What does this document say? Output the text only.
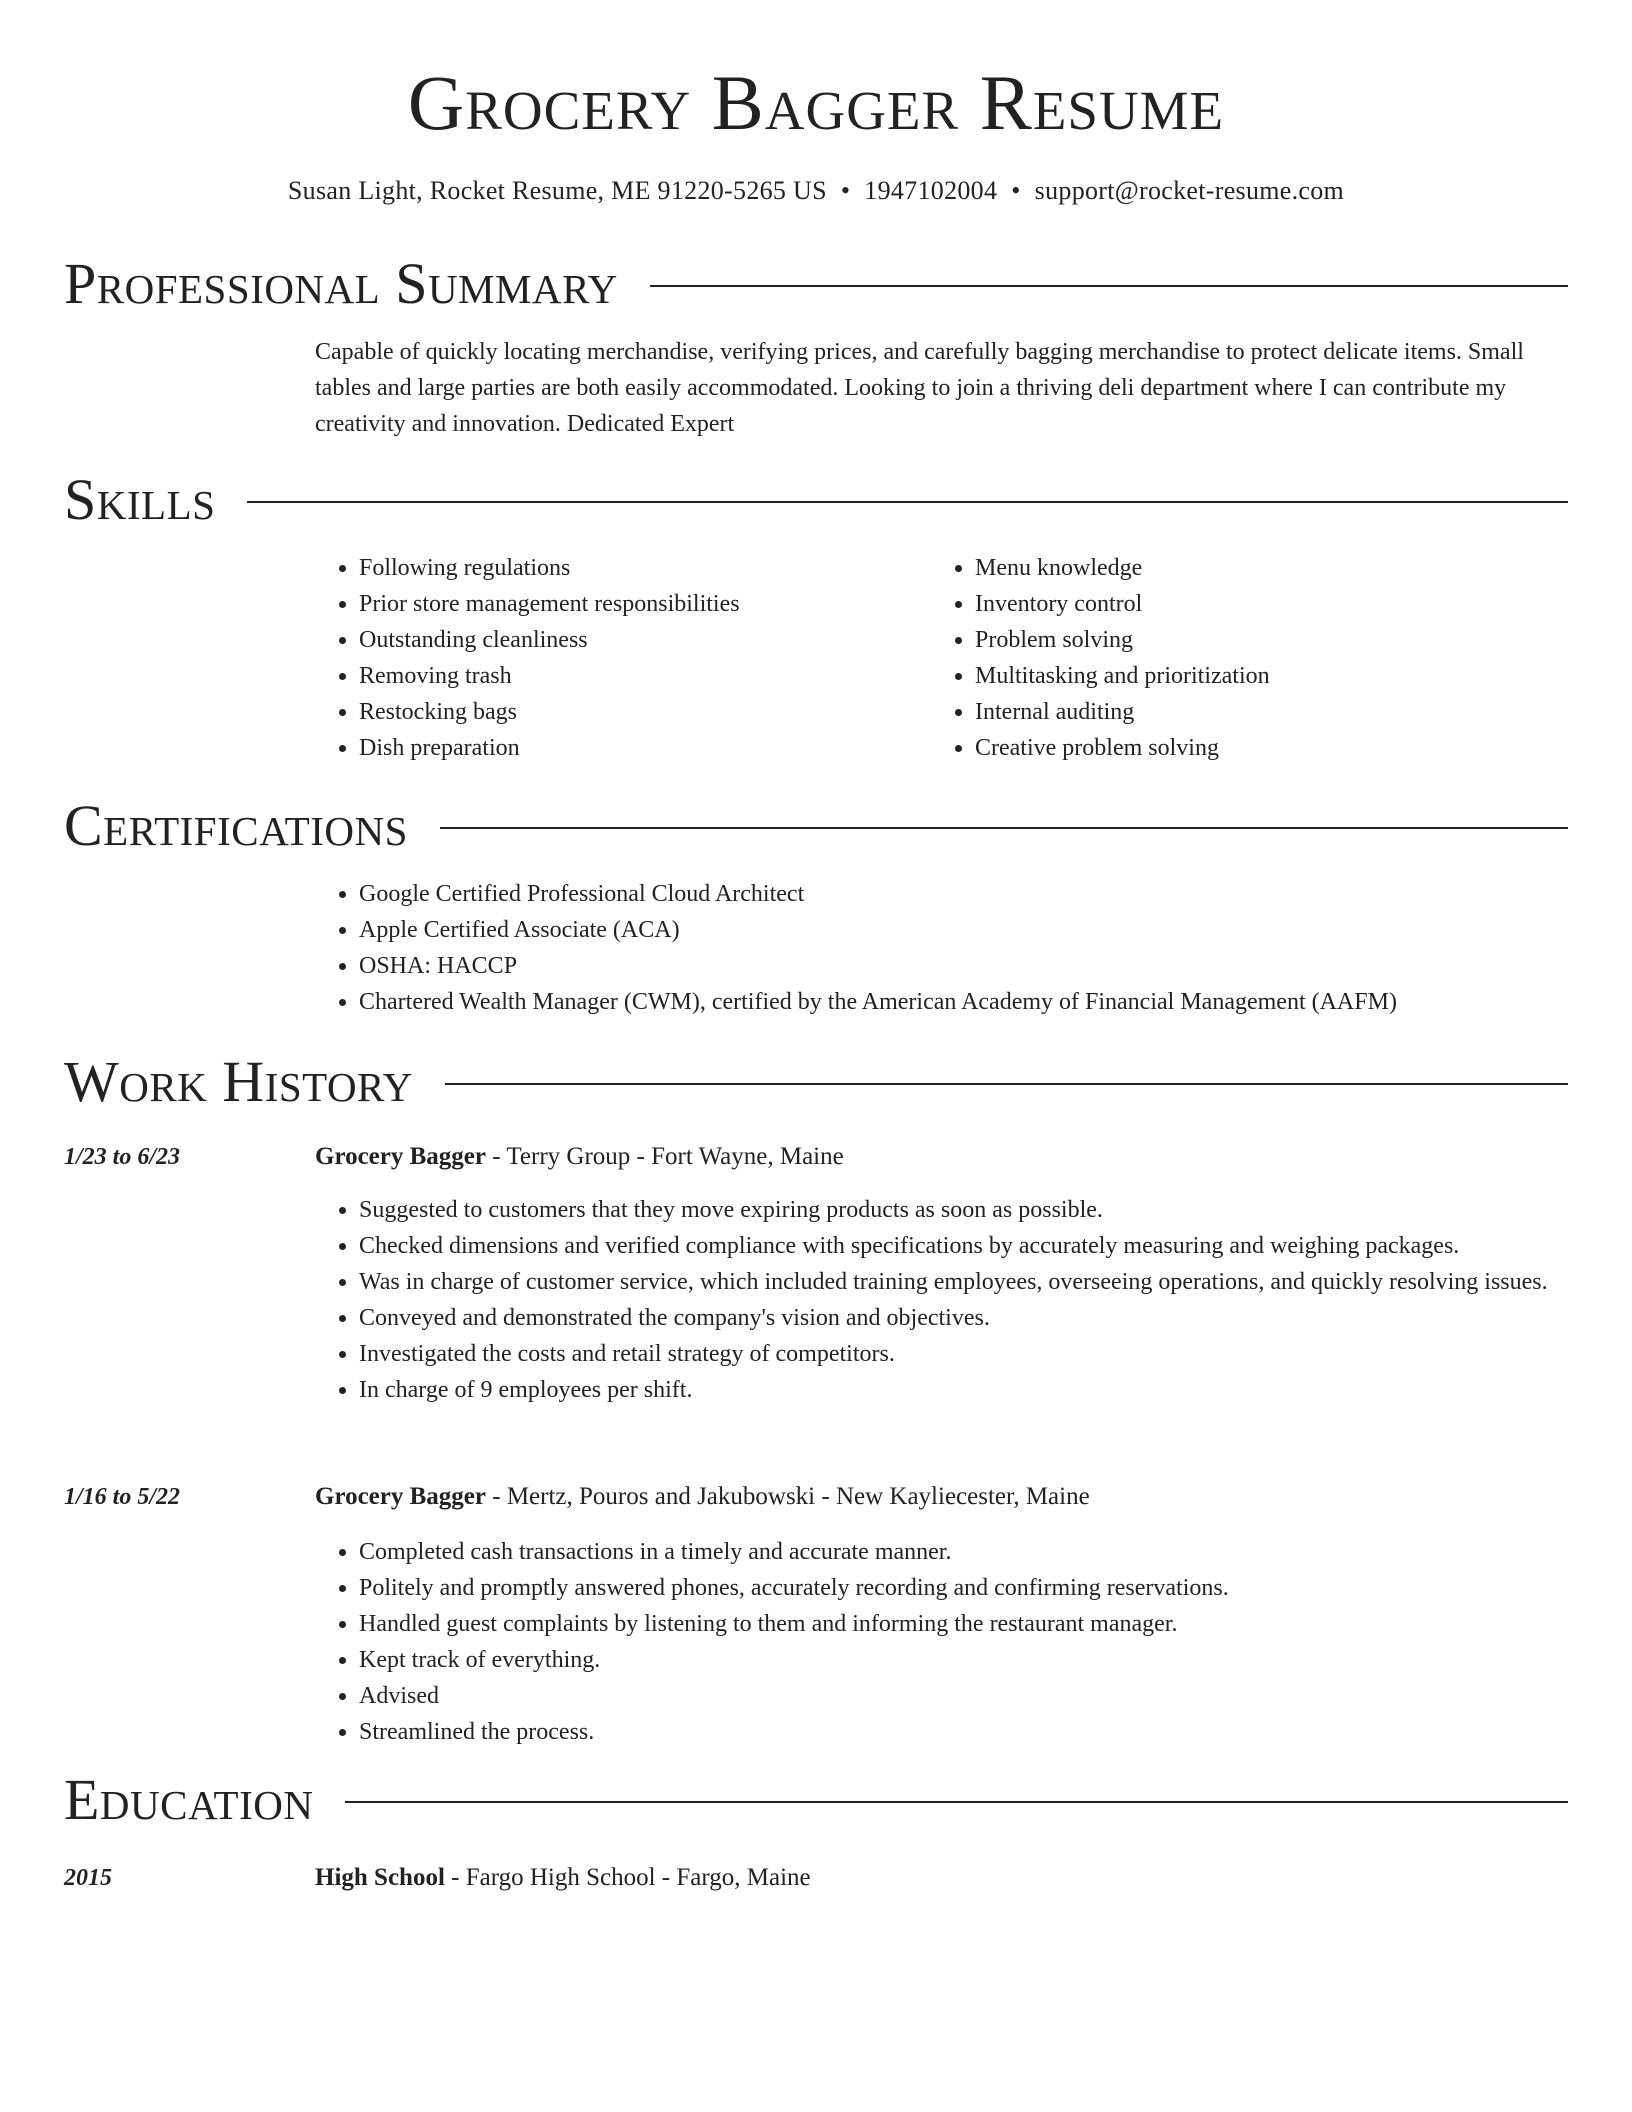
Grocery Bagger Resume
Susan Light, Rocket Resume, ME 91220-5265 US • 1947102004 • support@rocket-resume.com
Professional Summary
Capable of quickly locating merchandise, verifying prices, and carefully bagging merchandise to protect delicate items. Small tables and large parties are both easily accommodated. Looking to join a thriving deli department where I can contribute my creativity and innovation. Dedicated Expert
Skills
• Following regulations
• Prior store management responsibilities
• Outstanding cleanliness
• Removing trash
• Restocking bags
• Dish preparation
• Menu knowledge
• Inventory control
• Problem solving
• Multitasking and prioritization
• Internal auditing
• Creative problem solving
Certifications
• Google Certified Professional Cloud Architect
• Apple Certified Associate (ACA)
• OSHA: HACCP
• Chartered Wealth Manager (CWM), certified by the American Academy of Financial Management (AAFM)
Work History
1/23 to 6/23	Grocery Bagger - Terry Group - Fort Wayne, Maine
• Suggested to customers that they move expiring products as soon as possible.
• Checked dimensions and verified compliance with specifications by accurately measuring and weighing packages.
• Was in charge of customer service, which included training employees, overseeing operations, and quickly resolving issues.
• Conveyed and demonstrated the company's vision and objectives.
• Investigated the costs and retail strategy of competitors.
• In charge of 9 employees per shift.
1/16 to 5/22	Grocery Bagger - Mertz, Pouros and Jakubowski - New Kayliecester, Maine
• Completed cash transactions in a timely and accurate manner.
• Politely and promptly answered phones, accurately recording and confirming reservations.
• Handled guest complaints by listening to them and informing the restaurant manager.
• Kept track of everything.
• Advised
• Streamlined the process.
Education
2015	High School - Fargo High School - Fargo, Maine
